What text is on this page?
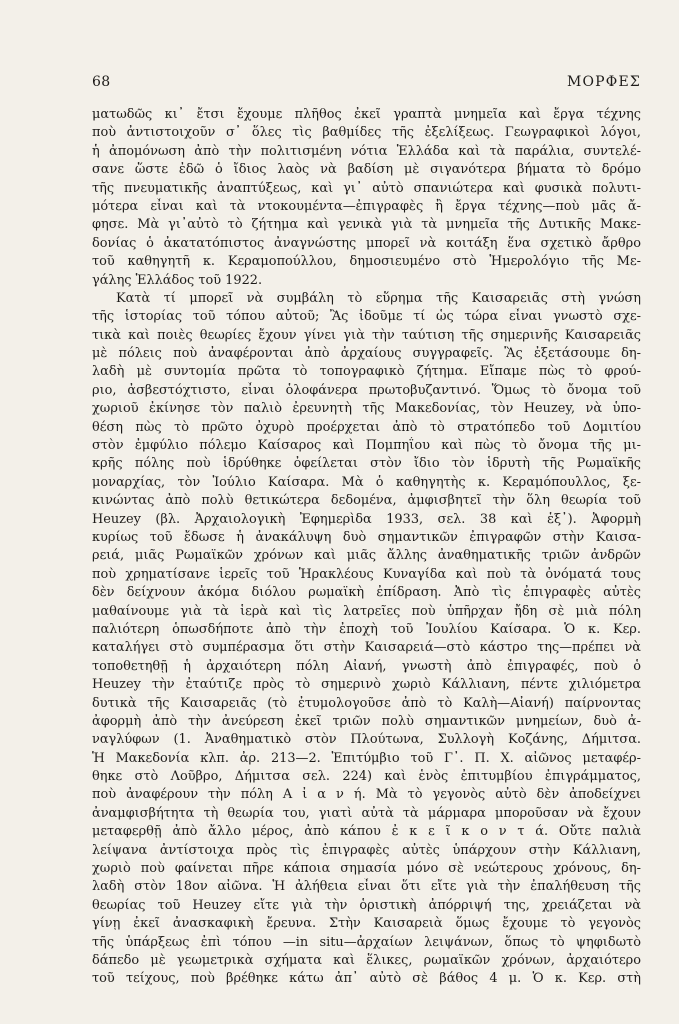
68	ΜΟΡΦΕΣ
ματωδῶς κι᾽ ἔτσι ἔχουμε πλῆθος ἐκεῖ γραπτὰ μνημεῖα καὶ ἔργα τέχνης
ποὺ ἀντιστοιχοῦν σ᾽ ὅλες τὶς βαθμίδες τῆς ἐξελίξεως. Γεωγραφικοὶ λόγοι,
ἡ ἀπομόνωση ἀπὸ τὴν πολιτισμένη νότια Ἑλλάδα καὶ τὰ παράλια, συντελέ-
σανε ὥστε ἐδῶ ὁ ἴδιος λαὸς νὰ βαδίση μὲ σιγανότερα βήματα τὸ δρόμο
τῆς πνευματικῆς ἀναπτύξεως, καὶ γι᾽ αὐτὸ σπανιώτερα καὶ φυσικὰ πολυτι-
μότερα εἶναι καὶ τὰ ντοκουμέντα—ἐπιγραφὲς ἢ ἔργα τέχνης—ποὺ μᾶς ἄ-
φησε. Μὰ γι᾽αὐτὸ τὸ ζήτημα καὶ γενικὰ γιὰ τὰ μνημεῖα τῆς Δυτικῆς Μακε-
δονίας ὁ ἀκατατόπιστος ἀναγνώστης μπορεῖ νὰ κοιτάξη ἕνα σχετικὸ ἄρθρο
τοῦ καθηγητῆ κ. Κεραμοπούλλου, δημοσιευμένο στὸ Ἡμερολόγιο τῆς Με-
γάλης Ἑλλάδος τοῦ 1922.
Κατὰ τί μπορεῖ νὰ συμβάλη τὸ εὕρημα τῆς Καισαρειᾶς στὴ γνώση
τῆς ἱστορίας τοῦ τόπου αὐτοῦ; Ἂς ἰδοῦμε τί ὡς τώρα εἶναι γνωστὸ σχε-
τικὰ καὶ ποιὲς θεωρίες ἔχουν γίνει γιὰ τὴν ταύτιση τῆς σημερινῆς Καισαρειᾶς
μὲ πόλεις ποὺ ἀναφέρονται ἀπὸ ἀρχαίους συγγραφεῖς. Ἂς ἐξετάσουμε δη-
λαδὴ μὲ συντομία πρῶτα τὸ τοπογραφικὸ ζήτημα. Εἴπαμε πὼς τὸ φρού-
ριο, ἀσβεστόχτιστο, εἶναι ὁλοφάνερα πρωτοβυζαντινό. Ὅμως τὸ ὄνομα τοῦ
χωριοῦ ἐκίνησε τὸν παλιὸ ἐρευνητὴ τῆς Μακεδονίας, τὸν Heuzey, νὰ ὑπο-
θέση πὼς τὸ πρῶτο ὀχυρὸ προέρχεται ἀπὸ τὸ στρατόπεδο τοῦ Δομιτίου
στὸν ἐμφύλιο πόλεμο Καίσαρος καὶ Πομπηΐου καὶ πὼς τὸ ὄνομα τῆς μι-
κρῆς πόλης ποὺ ἱδρύθηκε ὀφείλεται στὸν ἴδιο τὸν ἱδρυτὴ τῆς Ρωμαϊκῆς
μοναρχίας, τὸν Ἰούλιο Καίσαρα. Μὰ ὁ καθηγητὴς κ. Κεραμόπουλλος, ξε-
κινώντας ἀπὸ πολὺ θετικώτερα δεδομένα, ἀμφισβητεῖ τὴν ὅλη θεωρία τοῦ
Heuzey (βλ. Ἀρχαιολογικὴ Ἐφημερὶδα 1933, σελ. 38 καὶ ἑξ᾽). Ἀφορμὴ
κυρίως τοῦ ἔδωσε ἡ ἀνακάλυψη δυὸ σημαντικῶν ἐπιγραφῶν στὴν Καισα-
ρειά, μιᾶς Ρωμαϊκῶν χρόνων καὶ μιᾶς ἄλλης ἀναθηματικῆς τριῶν ἀνδρῶν
ποὺ χρηματίσανε ἱερεῖς τοῦ Ἡρακλέους Κυναγίδα καὶ ποὺ τὰ ὀνόματά τους
δὲν δείχνουν ἀκόμα διόλου ρωμαϊκὴ ἐπίδραση. Ἀπὸ τὶς ἐπιγραφὲς αὐτὲς
μαθαίνουμε γιὰ τὰ ἱερὰ καὶ τὶς λατρεῖες ποὺ ὑπῆρχαν ἤδη σὲ μιὰ πόλη
παλιότερη ὁπωσδήποτε ἀπὸ τὴν ἐποχὴ τοῦ Ἰουλίου Καίσαρα. Ὁ κ. Κερ.
καταλήγει στὸ συμπέρασμα ὅτι στὴν Καισαρειά—στὸ κάστρο της—πρέπει νὰ
τοποθετηθῇ ἡ ἀρχαιότερη πόλη Αἰανή, γνωστὴ ἀπὸ ἐπιγραφές, ποὺ ὁ
Heuzey τὴν ἐταύτιζε πρὸς τὸ σημερινὸ χωριὸ Κάλλιανη, πέντε χιλιόμετρα
δυτικὰ τῆς Καισαρειᾶς (τὸ ἐτυμολογοῦσε ἀπὸ τὸ Καλὴ—Αἰανή) παίρνοντας
ἀφορμὴ ἀπὸ τὴν ἀνεύρεση ἐκεῖ τριῶν πολὺ σημαντικῶν μνημείων, δυὸ ἀ-
ναγλύφων (1. Ἀναθηματικὸ στὸν Πλούτωνα, Συλλογὴ Κοζάνης, Δήμιτσα.
Ἡ Μακεδονία κλπ. ἀρ. 213—2. Ἐπιτύμβιο τοῦ Γ᾽. Π. Χ. αἰῶνος μεταφέρ-
θηκε στὸ Λοῦβρο, Δήμιτσα σελ. 224) καὶ ἑνὸς ἐπιτυμβίου ἐπιγράμματος,
ποὺ ἀναφέρουν τὴν πόλη Α ἰ α ν ή. Μὰ τὸ γεγονὸς αὐτὸ δὲν ἀποδείχνει
ἀναμφισβήτητα τὴ θεωρία του, γιατὶ αὐτὰ τὰ μάρμαρα μποροῦσαν νὰ ἔχουν
μεταφερθῇ ἀπὸ ἄλλο μέρος, ἀπὸ κάπου ἐ κ ε ῖ κ ο ν τ ά. Οὔτε παλιὰ
λείψανα ἀντίστοιχα πρὸς τὶς ἐπιγραφὲς αὐτὲς ὑπάρχουν στὴν Κάλλιανη,
χωριὸ ποὺ φαίνεται πῆρε κάποια σημασία μόνο σὲ νεώτερους χρόνους, δη-
λαδὴ στὸν 18ον αἰῶνα. Ἡ ἀλήθεια εἶναι ὅτι εἴτε γιὰ τὴν ἐπαλήθευση τῆς
θεωρίας τοῦ Heuzey εἴτε γιὰ τὴν ὁριστικὴ ἀπόρριψή της, χρειάζεται νὰ
γίνῃ ἐκεῖ ἀνασκαφικὴ ἔρευνα. Στὴν Καισαρειὰ ὅμως ἔχουμε τὸ γεγονὸς
τῆς ὑπάρξεως ἐπὶ τόπου —in situ—ἀρχαίων λειψάνων, ὅπως τὸ ψηφιδωτὸ
δάπεδο μὲ γεωμετρικὰ σχήματα καὶ ἕλικες, ρωμαϊκῶν χρόνων, ἀρχαιότερο
τοῦ τείχους, ποὺ βρέθηκε κάτω ἀπ᾽ αὐτὸ σὲ βάθος 4 μ. Ὁ κ. Κερ. στὴ
